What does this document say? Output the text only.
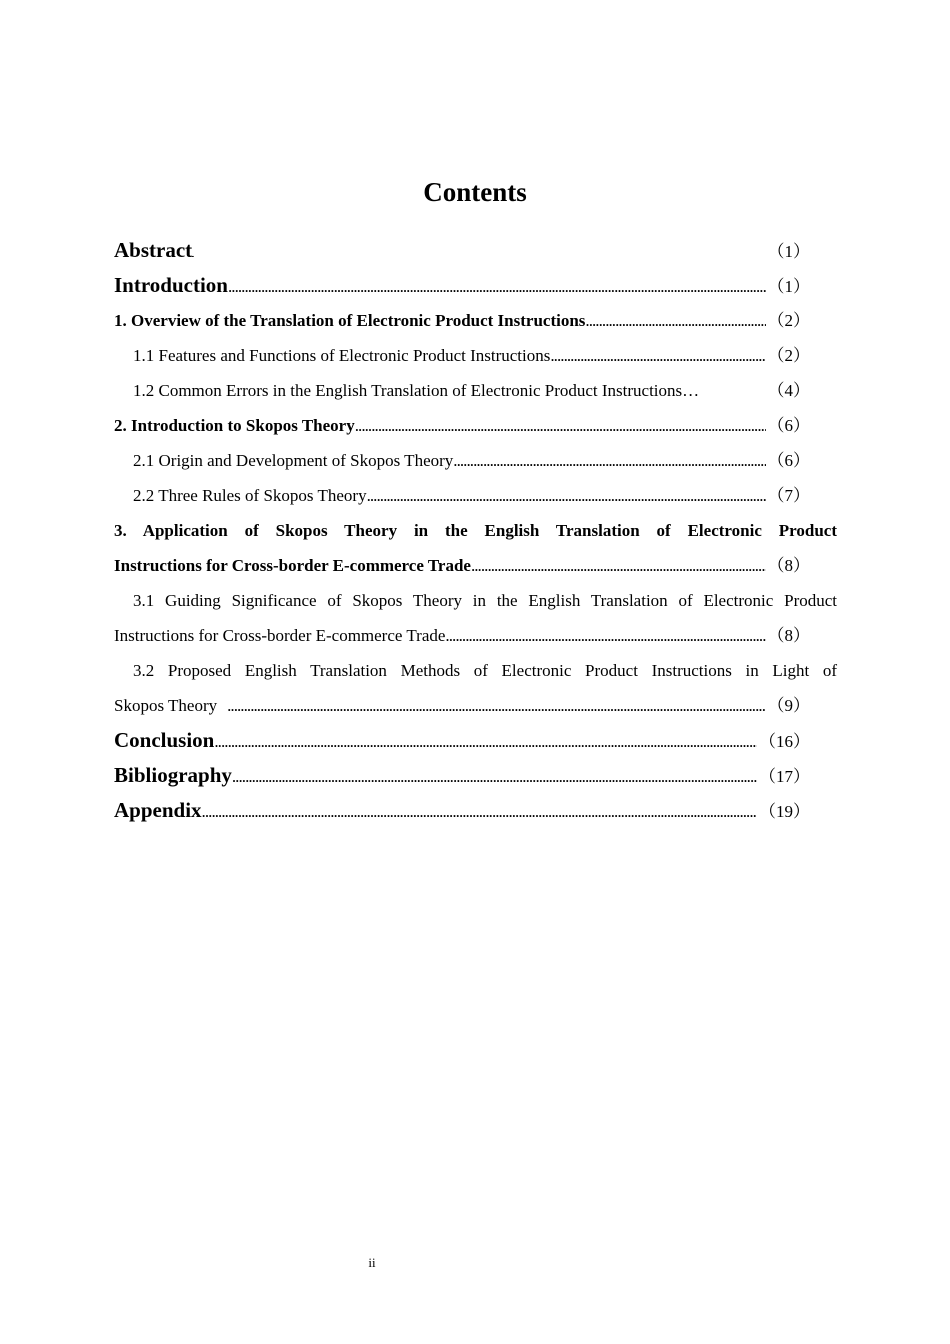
Contents
Abstract . . .	（1）
Introduction . . .	（1）
1. Overview of the Translation of Electronic Product Instructions . . .	（2）
1.1 Features and Functions of Electronic Product Instructions . . .	（2）
1.2 Common Errors in the English Translation of Electronic Product Instructions…	（4）
2. Introduction to Skopos Theory . . .	（6）
2.1 Origin and Development of Skopos Theory . . .	（6）
2.2 Three Rules of Skopos Theory . . .	（7）
3. Application of Skopos Theory in the English Translation of Electronic Product
Instructions for Cross-border E-commerce Trade . . .	（8）
3.1 Guiding Significance of Skopos Theory in the English Translation of Electronic Product
Instructions for Cross-border E-commerce Trade . . .	（8）
3.2 Proposed English Translation Methods of Electronic Product Instructions in Light of
Skopos Theory . . .	（9）
Conclusion . . .	（16）
Bibliography . . .	（17）
Appendix . . .	（19）
ii
